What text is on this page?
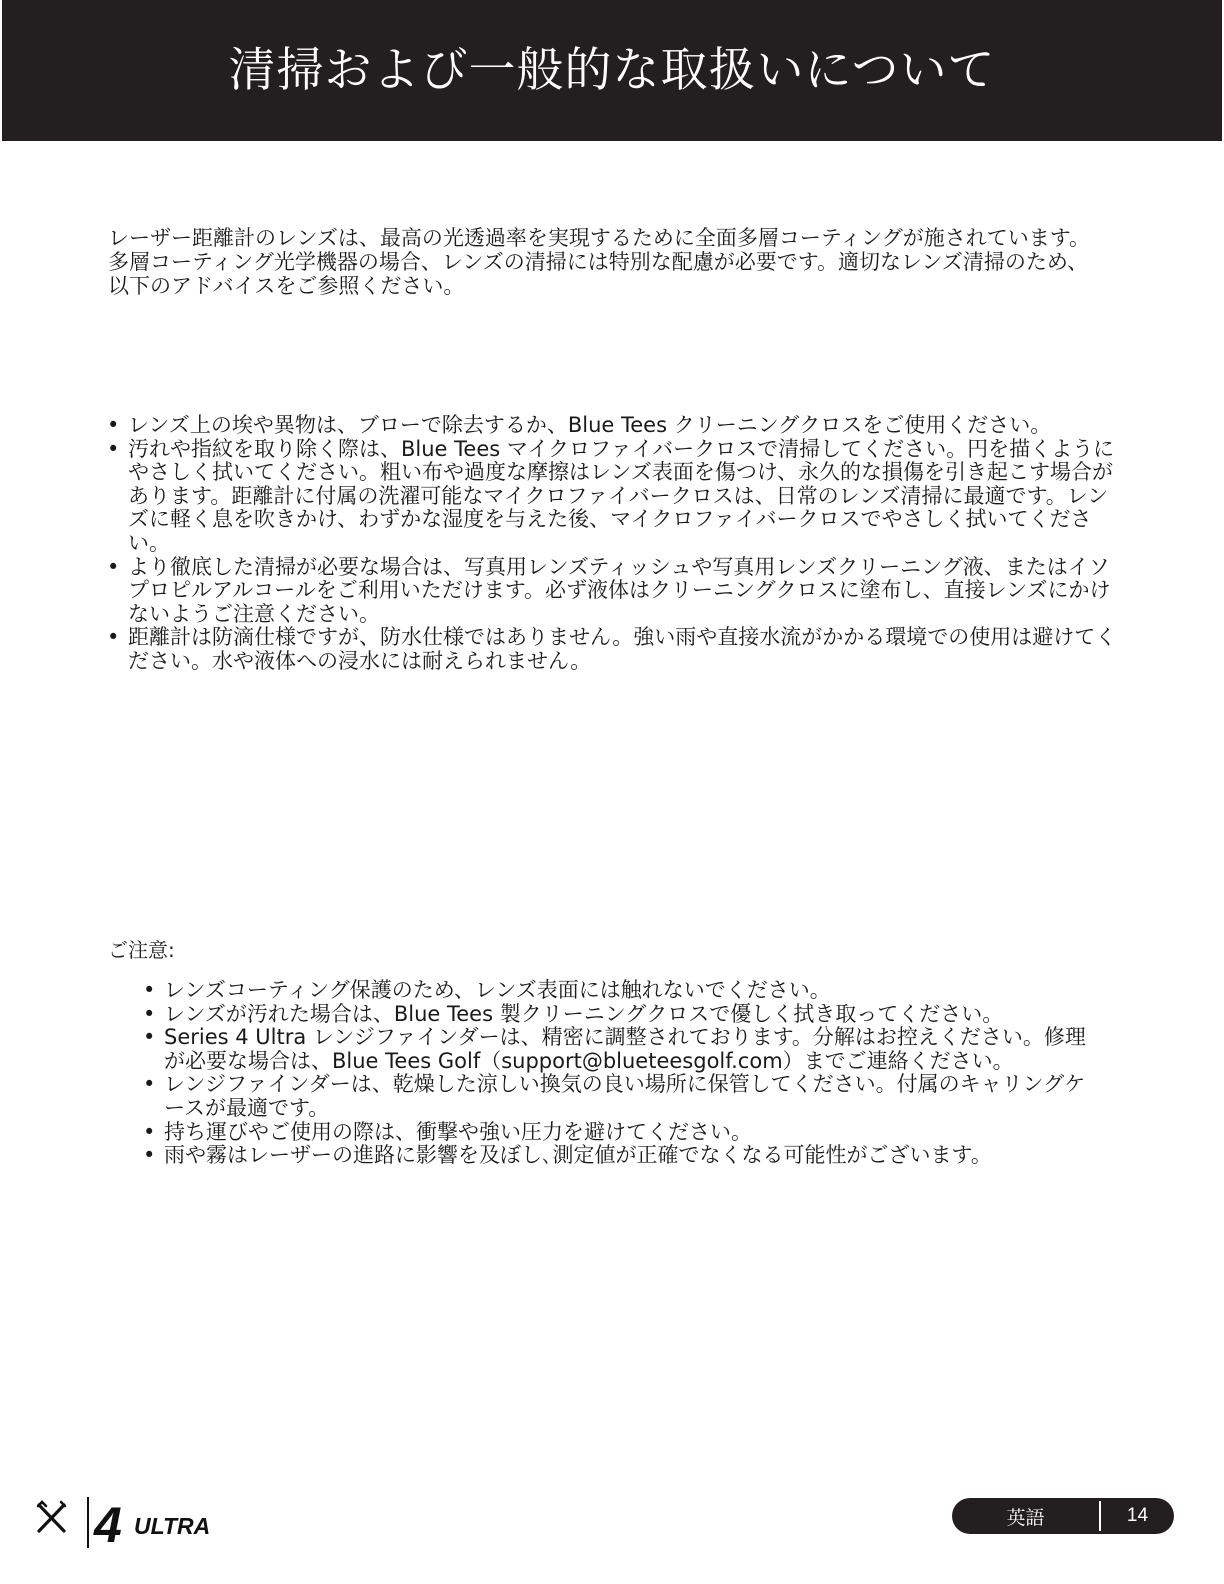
清掃および一般的な取扱いについて

レーザー距離計のレンズは、最高の光透過率を実現するために全面多層コーティングが施されています。多層コーティング光学機器の場合、レンズの清掃には特別な配慮が必要です。適切なレンズ清掃のため、以下のアドバイスをご参照ください。

• レンズ上の埃や異物は、ブローで除去するか、Blue Tees クリーニングクロスをご使用ください。
• 汚れや指紋を取り除く際は、Blue Tees マイクロファイバークロスで清掃してください。円を描くようにやさしく拭いてください。粗い布や過度な摩擦はレンズ表面を傷つけ、永久的な損傷を引き起こす場合があります。距離計に付属の洗濯可能なマイクロファイバークロスは、日常のレンズ清掃に最適です。レンズに軽く息を吹きかけ、わずかな湿度を与えた後、マイクロファイバークロスでやさしく拭いてください。
• より徹底した清掃が必要な場合は、写真用レンズティッシュや写真用レンズクリーニング液、またはイソプロピルアルコールをご利用いただけます。必ず液体はクリーニングクロスに塗布し、直接レンズにかけないようご注意ください。
• 距離計は防滴仕様ですが、防水仕様ではありません。強い雨や直接水流がかかる環境での使用は避けてください。水や液体への浸水には耐えられません。

ご注意:

• レンズコーティング保護のため、レンズ表面には触れないでください。
• レンズが汚れた場合は、Blue Tees 製クリーニングクロスで優しく拭き取ってください。
• Series 4 Ultra レンジファインダーは、精密に調整されております。分解はお控えください。修理が必要な場合は、Blue Tees Golf（support@blueteesgolf.com）までご連絡ください。
• レンジファインダーは、乾燥した涼しい換気の良い場所に保管してください。付属のキャリングケースが最適です。
• 持ち運びやご使用の際は、衝撃や強い圧力を避けてください。
• 雨や霧はレーザーの進路に影響を及ぼし､測定値が正確でなくなる可能性がございます。
4 ULTRA	英語	14
